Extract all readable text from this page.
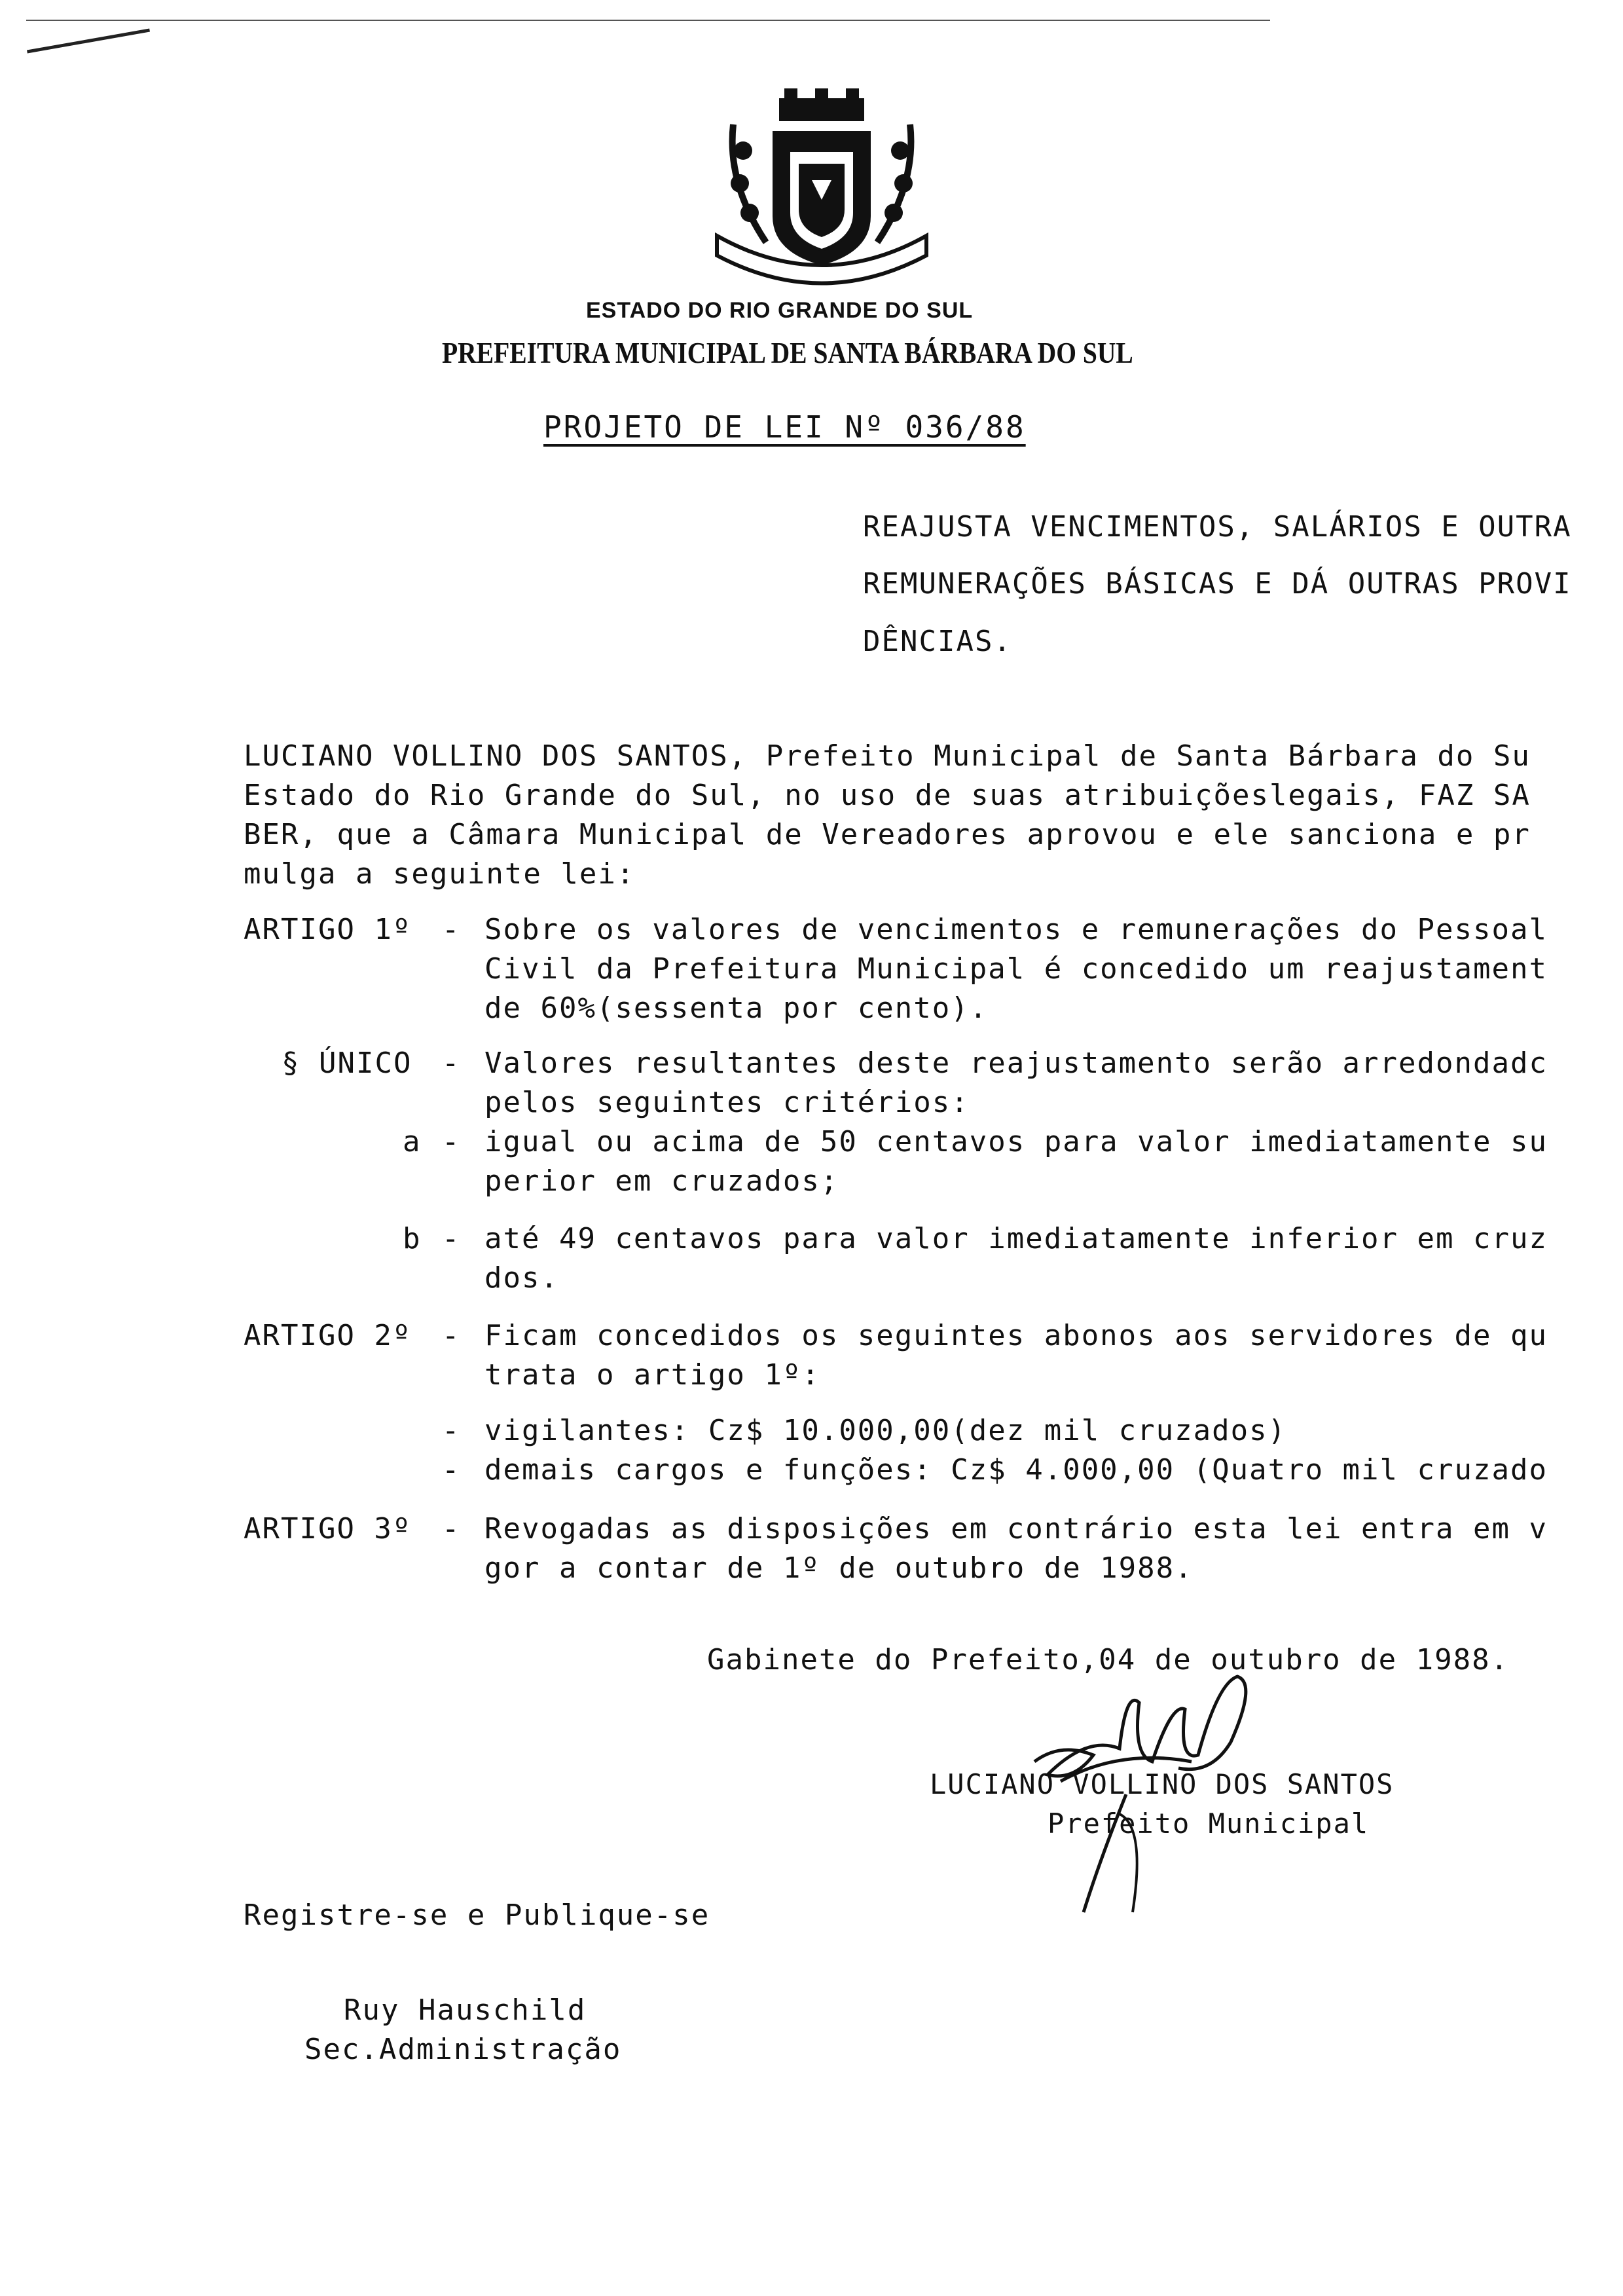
ESTADO DO RIO GRANDE DO SUL
PREFEITURA MUNICIPAL DE SANTA BÁRBARA DO SUL
PROJETO DE LEI Nº 036/88
REAJUSTA VENCIMENTOS, SALÁRIOS E OUTRA
REMUNERAÇÕES BÁSICAS E DÁ OUTRAS PROVI
DÊNCIAS.
LUCIANO VOLLINO DOS SANTOS, Prefeito Municipal de Santa Bárbara do Su
Estado do Rio Grande do Sul, no uso de suas atribuiçõeslegais, FAZ SA
BER, que a Câmara Municipal de Vereadores aprovou e ele sanciona e pr
mulga a seguinte lei:
ARTIGO 1º - Sobre os valores de vencimentos e remunerações do Pessoal
Civil da Prefeitura Municipal é concedido um reajustament
de 60%(sessenta por cento).
§ ÚNICO - Valores resultantes deste reajustamento serão arredondadc
pelos seguintes critérios:
a - igual ou acima de 50 centavos para valor imediatamente su
perior em cruzados;
b - até 49 centavos para valor imediatamente inferior em cruz
dos.
ARTIGO 2º - Ficam concedidos os seguintes abonos aos servidores de qu
trata o artigo 1º:
- vigilantes: Cz$ 10.000,00(dez mil cruzados)
- demais cargos e funções: Cz$ 4.000,00 (Quatro mil cruzado
ARTIGO 3º - Revogadas as disposições em contrário esta lei entra em v
gor a contar de 1º de outubro de 1988.
Gabinete do Prefeito,04 de outubro de 1988.
LUCIANO VOLLINO DOS SANTOS
Prefeito Municipal
Registre-se e Publique-se
Ruy Hauschild
Sec.Administração
